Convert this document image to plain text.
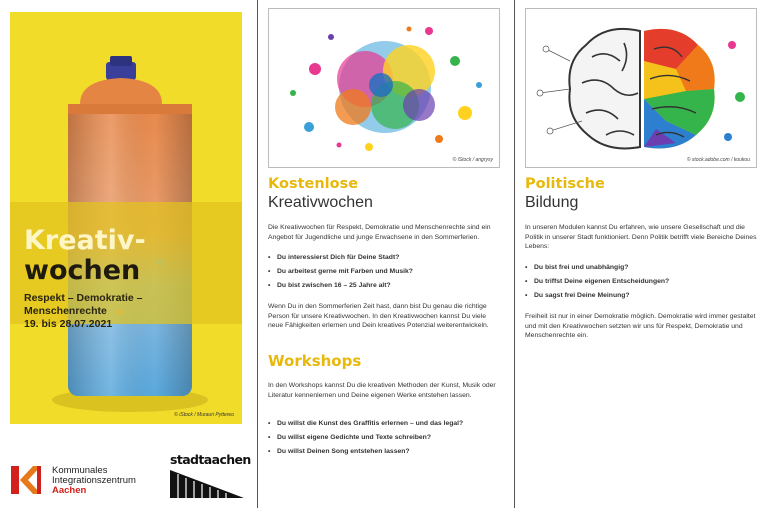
Kreativ-
wochen
Respekt – Demokratie –
Menschenrechte
19. bis 28.07.2021
© iStock / Murauri Pyttereo
Kommunales
Integrationszentrum
Aachen
stadtaachen
© iStock / angrysy
Kostenlose
Kreativwochen
Die Kreativwochen für Respekt, Demokratie und Menschenrechte sind ein Angebot für Jugendliche und junge Erwachsene in den Sommerferien.
• Du interessierst Dich für Deine Stadt?
• Du arbeitest gerne mit Farben und Musik?
• Du bist zwischen 16 – 25 Jahre alt?
Wenn Du in den Sommerferien Zeit hast, dann bist Du genau die richtige Person für unsere Kreativwochen. In den Kreativwochen kannst Du viele neue Fähigkeiten erlernen und Dein kreatives Potenzial weiterentwickeln.
Workshops
In den Workshops kannst Du die kreativen Methoden der Kunst, Musik oder Literatur kennenlernen und Deine eigenen Werke entstehen lassen.
• Du willst die Kunst des Graffitis erlernen – und das legal?
• Du willst eigene Gedichte und Texte schreiben?
• Du willst Deinen Song entstehen lassen?
© stock.adobe.com / koukou
Politische
Bildung
In unseren Modulen kannst Du erfahren, wie unsere Gesellschaft und die Politik in unserer Stadt funktioniert. Denn Politik betrifft viele Bereiche Deines Lebens:
• Du bist frei und unabhängig?
• Du triffst Deine eigenen Entscheidungen?
• Du sagst frei Deine Meinung?
Freiheit ist nur in einer Demokratie möglich. Demokratie wird immer gestaltet und mit den Kreativwochen setzten wir uns für Respekt, Demokratie und Menschenrechte ein.
